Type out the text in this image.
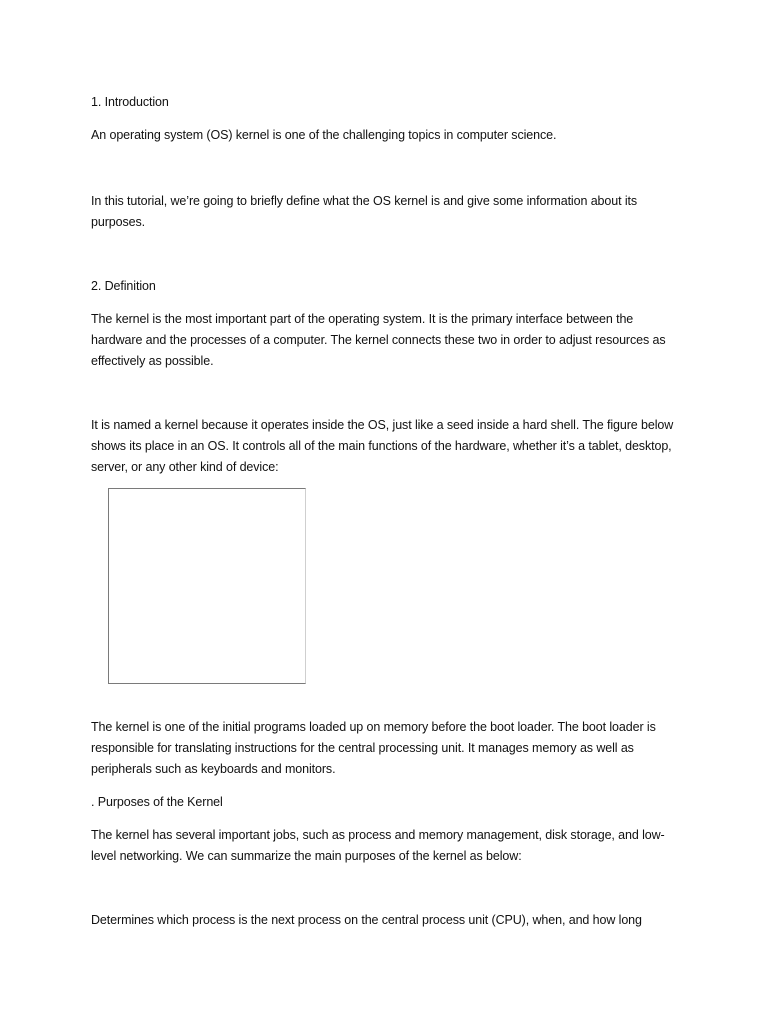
1. Introduction

An operating system (OS) kernel is one of the challenging topics in computer science.

In this tutorial, we’re going to briefly define what the OS kernel is and give some information about its purposes.

2. Definition

The kernel is the most important part of the operating system. It is the primary interface between the hardware and the processes of a computer. The kernel connects these two in order to adjust resources as effectively as possible.

It is named a kernel because it operates inside the OS, just like a seed inside a hard shell. The figure below shows its place in an OS. It controls all of the main functions of the hardware, whether it’s a tablet, desktop, server, or any other kind of device:

The kernel is one of the initial programs loaded up on memory before the boot loader. The boot loader is responsible for translating instructions for the central processing unit. It manages memory as well as peripherals such as keyboards and monitors.

. Purposes of the Kernel

The kernel has several important jobs, such as process and memory management, disk storage, and low-level networking. We can summarize the main purposes of the kernel as below:

Determines which process is the next process on the central process unit (CPU), when, and how long
